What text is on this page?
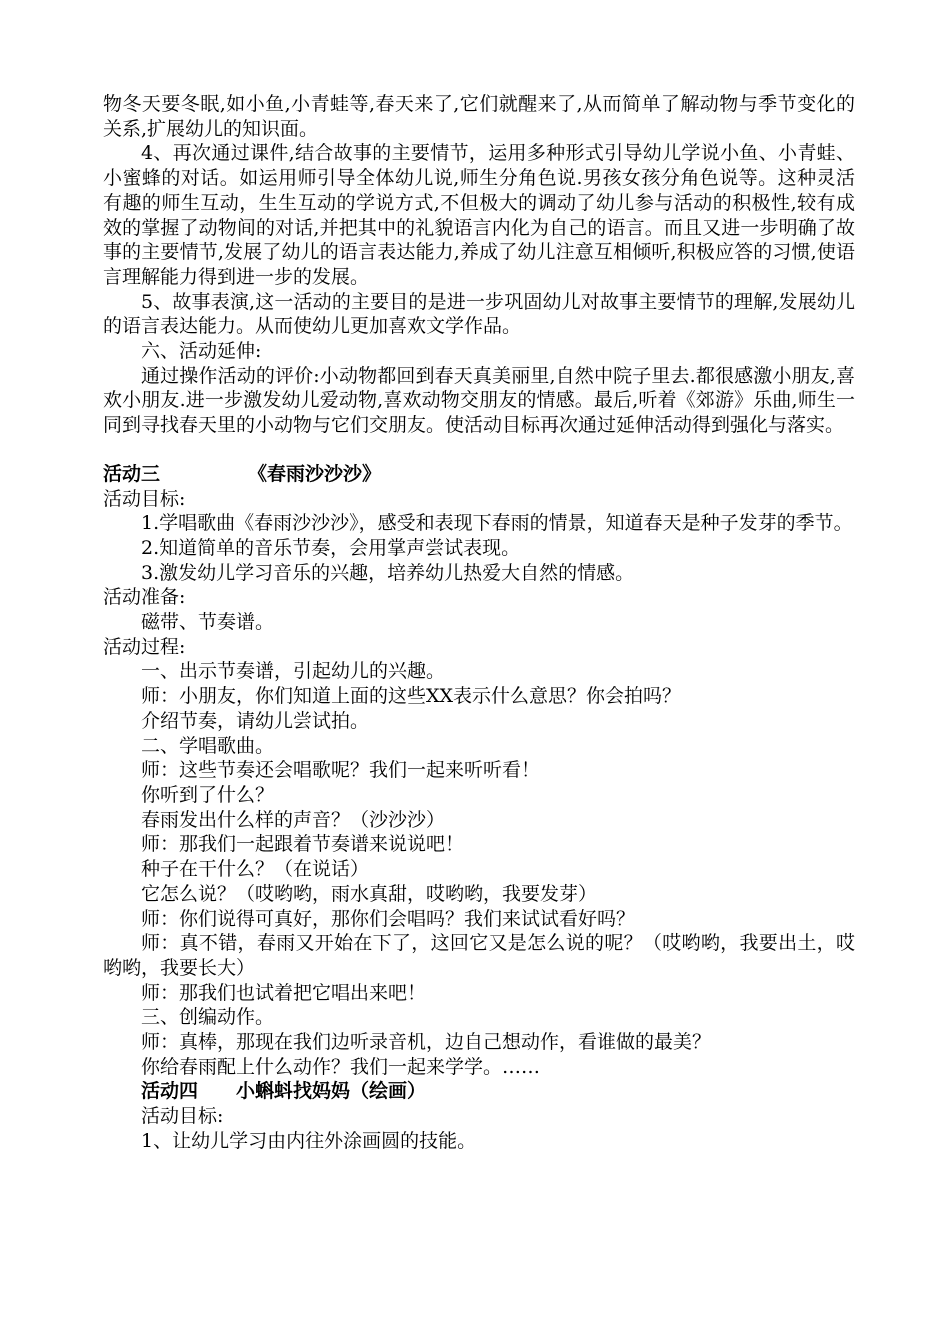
物冬天要冬眠,如小鱼,小青蛙等,春天来了,它们就醒来了,从而简单了解动物与季节变化的关系,扩展幼儿的知识面。

4、再次通过课件,结合故事的主要情节，运用多种形式引导幼儿学说小鱼、小青蛙、 小蜜蜂的对话。如运用师引导全体幼儿说,师生分角色说.男孩女孩分角色说等。这种灵活有趣的师生互动，生生互动的学说方式,不但极大的调动了幼儿参与活动的积极性,较有成效的掌握了动物间的对话,并把其中的礼貌语言内化为自己的语言。而且又进一步明确了故事的主要情节,发展了幼儿的语言表达能力,养成了幼儿注意互相倾听,积极应答的习惯,使语言理解能力得到进一步的发展。

5、故事表演,这一活动的主要目的是进一步巩固幼儿对故事主要情节的理解,发展幼儿的语言表达能力。从而使幼儿更加喜欢文学作品。

六、活动延伸:

通过操作活动的评价:小动物都回到春天真美丽里,自然中院子里去.都很感激小朋友,喜欢小朋友.进一步激发幼儿爱动物,喜欢动物交朋友的情感。最后,听着《郊游》乐曲,师生一同到寻找春天里的小动物与它们交朋友。使活动目标再次通过延伸活动得到强化与落实。

活动三	《春雨沙沙沙》

活动目标:

1.学唱歌曲《春雨沙沙沙》，感受和表现下春雨的情景，知道春天是种子发芽的季节。

2.知道简单的音乐节奏，会用掌声尝试表现。

3.激发幼儿学习音乐的兴趣，培养幼儿热爱大自然的情感。

活动准备:

磁带、节奏谱。

活动过程:

一、出示节奏谱，引起幼儿的兴趣。

师：小朋友，你们知道上面的这些XX表示什么意思？你会拍吗？

介绍节奏，请幼儿尝试拍。

二、学唱歌曲。

师：这些节奏还会唱歌呢？我们一起来听听看！

你听到了什么？

春雨发出什么样的声音？（沙沙沙）

师：那我们一起跟着节奏谱来说说吧！

种子在干什么？（在说话）

它怎么说？（哎哟哟，雨水真甜，哎哟哟，我要发芽）

师：你们说得可真好，那你们会唱吗？我们来试试看好吗？

师：真不错，春雨又开始在下了，这回它又是怎么说的呢？（哎哟哟，我要出土，哎哟哟，我要长大）

师：那我们也试着把它唱出来吧！

三、创编动作。

师：真棒，那现在我们边听录音机，边自己想动作，看谁做的最美？

你给春雨配上什么动作？我们一起来学学。……

活动四 小蝌蚪找妈妈（绘画）

活动目标:

1、让幼儿学习由内往外涂画圆的技能。
